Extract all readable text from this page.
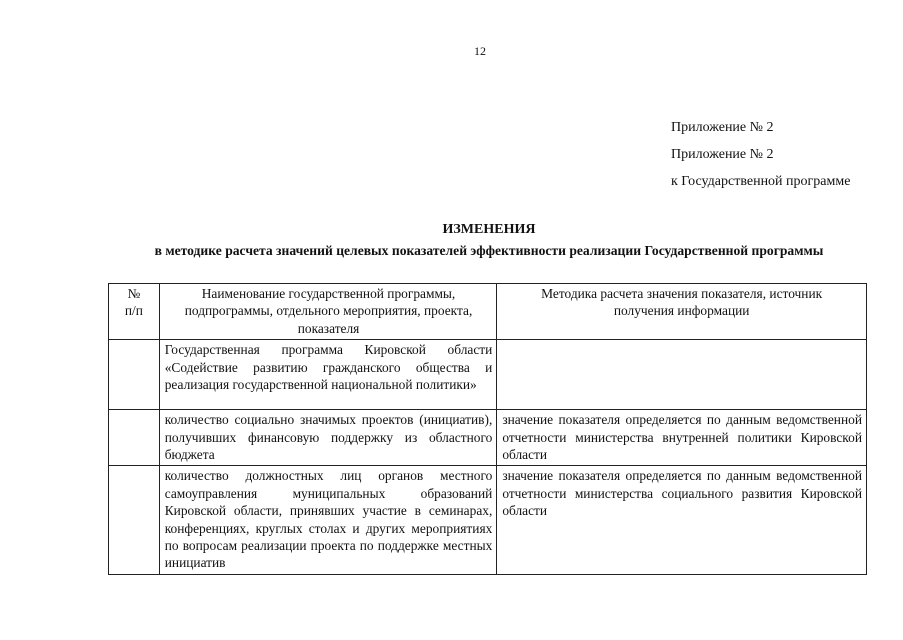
12
Приложение № 2
Приложение № 2
к Государственной программе
ИЗМЕНЕНИЯ
в методике расчета значений целевых показателей эффективности реализации Государственной программы
№ п/п	Наименование государственной программы, подпрограммы, отдельного мероприятия, проекта, показателя	Методика расчета значения показателя, источник получения информации
	Государственная программа Кировской области «Содействие развитию гражданского общества и реализация государственной национальной политики»	
	количество социально значимых проектов (инициатив), получивших финансовую поддержку из областного бюджета	значение показателя определяется по данным ведомственной отчетности министерства внутренней политики Кировской области
	количество должностных лиц органов местного самоуправления муниципальных образований Кировской области, принявших участие в семинарах, конференциях, круглых столах и других мероприятиях по вопросам реализации проекта по поддержке местных инициатив	значение показателя определяется по данным ведомственной отчетности министерства социального развития Кировской области
